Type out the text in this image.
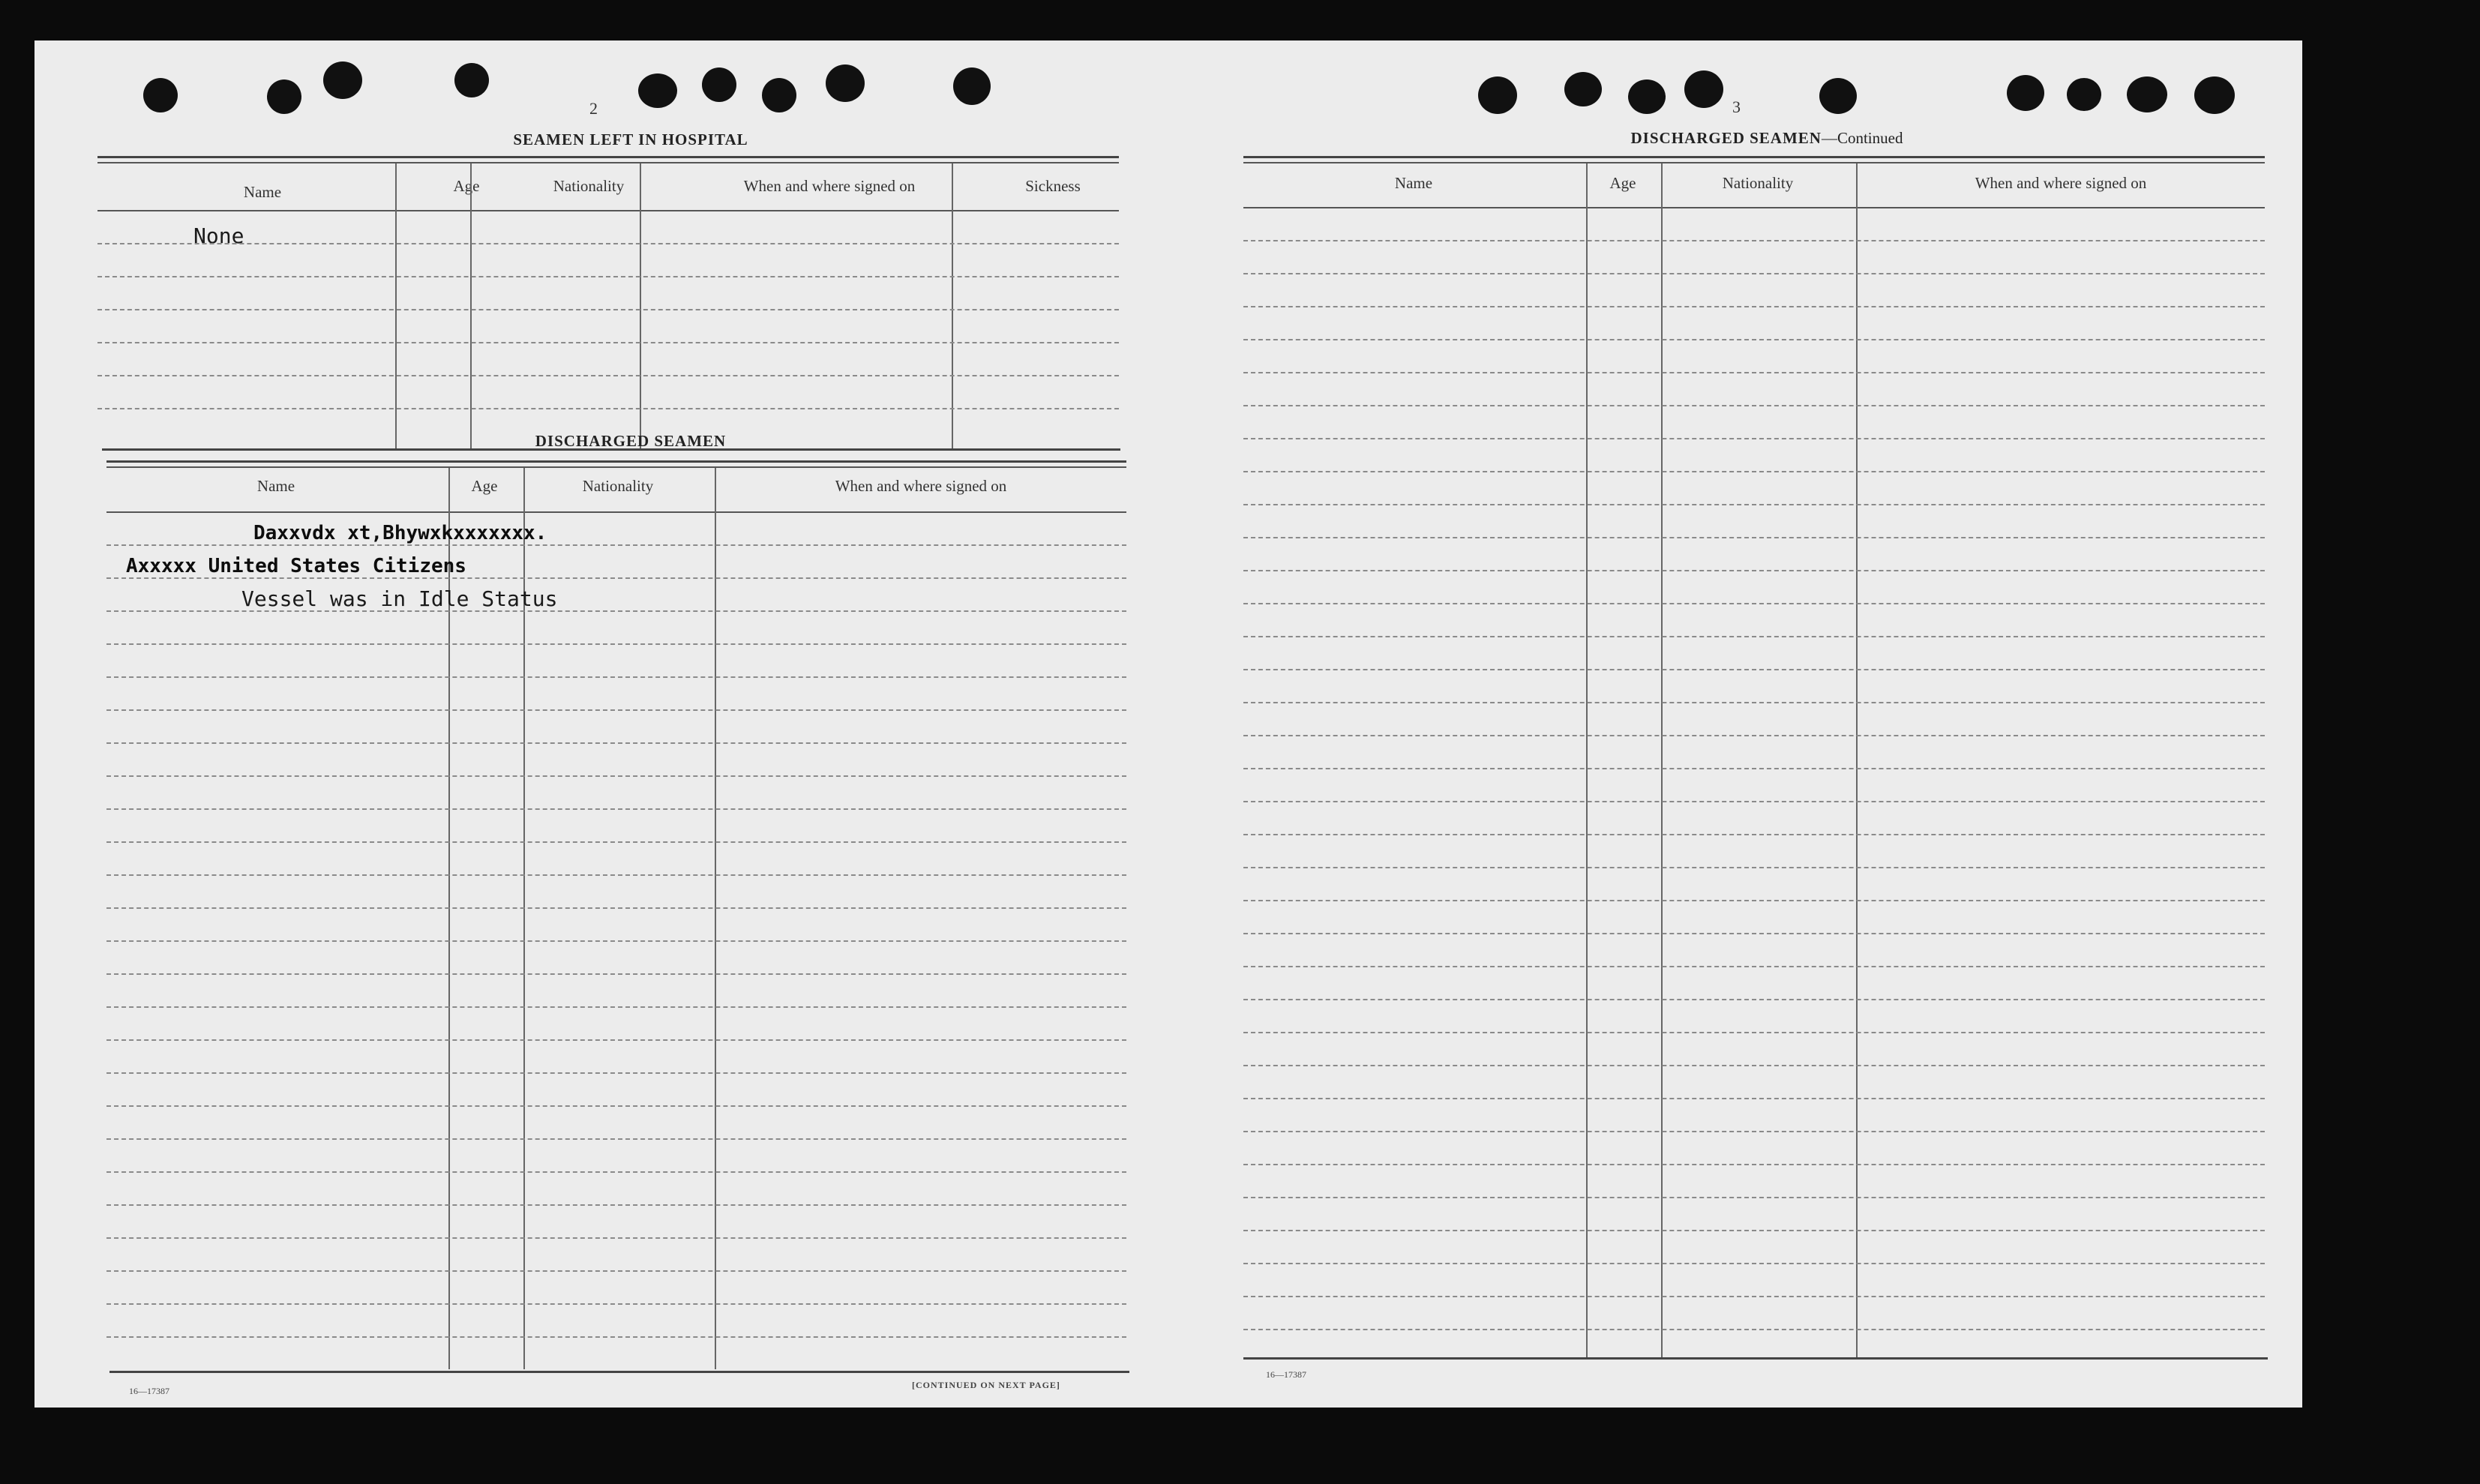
2
SEAMEN LEFT IN HOSPITAL
Name	Age	Nationality	When and where signed on	Sickness
None
DISCHARGED SEAMEN
Name	Age	Nationality	When and where signed on
Daxxvdx xt,Bhywxkxxxxxxx.
Axxxxx United States Citizens
Vessel was in Idle Status
16—17387
[CONTINUED ON NEXT PAGE]
3
DISCHARGED SEAMEN—Continued
Name	Age	Nationality	When and where signed on
16—17387
